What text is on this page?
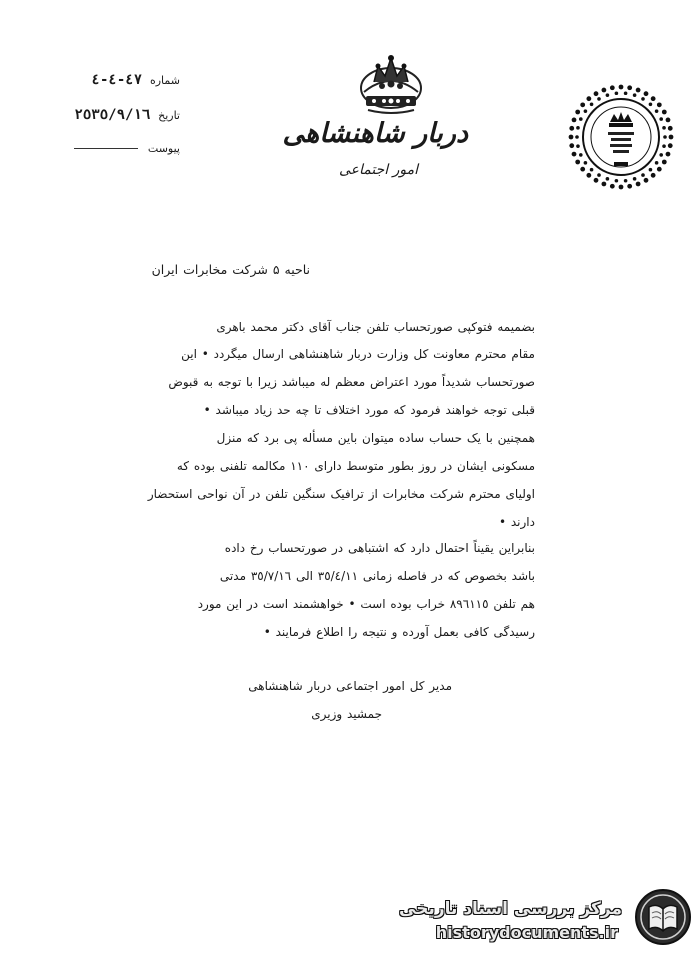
دربار شاهنشاهی
امور اجتماعی
شماره ٤٧-٤-٤
تاریخ ٢٥٣٥/٩/١٦
پیوست
ناحیه ۵ شرکت مخابرات ایران
بضمیمه فتوکپی صورتحساب تلفن جناب آقای دکتر محمد باهری
مقام محترم معاونت کل وزارت دربار شاهنشاهی ارسال میگردد • این
صورتحساب شدیداً مورد اعتراض معظم له میباشد زیرا با توجه به قبوض
قبلی توجه خواهند فرمود که مورد اختلاف تا چه حد زیاد میباشد •
همچنین با یک حساب ساده میتوان باین مسأله پی برد که منزل
مسکونی ایشان در روز بطور متوسط دارای ١١٠ مکالمه تلفنی بوده که
اولیای محترم شرکت مخابرات از ترافیک سنگین تلفن در آن نواحی استحضار
دارند •
بنابراین یقیناً احتمال دارد که اشتباهی در صورتحساب رخ داده
باشد بخصوص که در فاصله زمانی ٣٥/٤/١١ الی ٣٥/٧/١٦ مدتی
هم تلفن ٨٩٦١١٥ خراب بوده است • خواهشمند است در این مورد
رسیدگی کافی بعمل آورده و نتیجه را اطلاع فرمایند •
مدیر کل امور اجتماعی دربار شاهنشاهی
جمشید وزیری
مرکز بررسی اسناد تاریخی
historydocuments.ir
